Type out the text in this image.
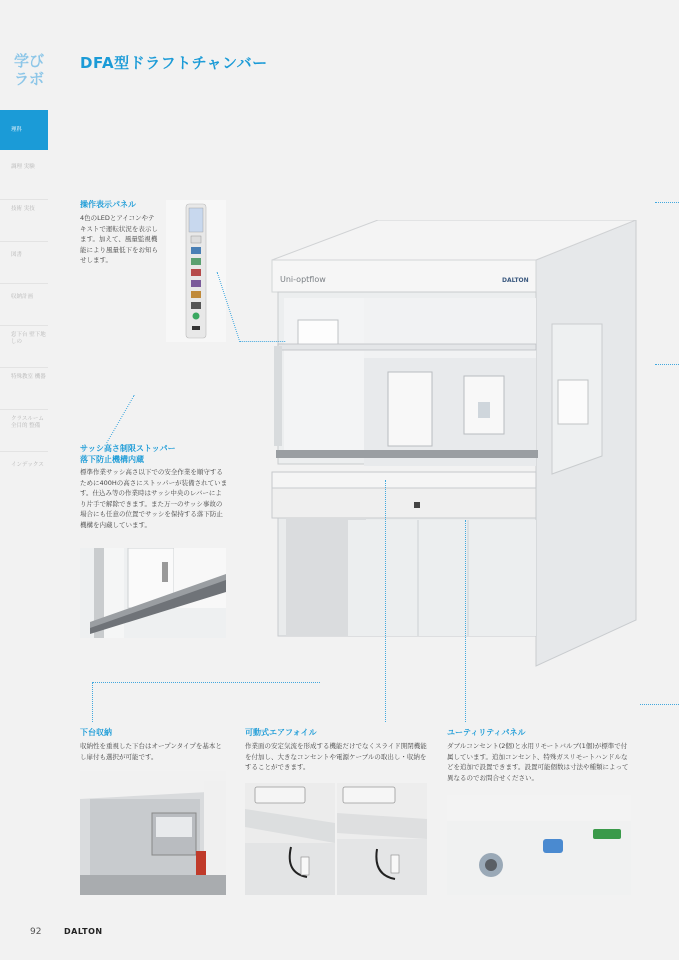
学び
ラボ
理科
調理 実験
技術 実技
図書
収納計画
窓下台 壁下地しの
特殊教室 機器
クラスルーム 全目的 整備
インデックス
DFA型ドラフトチャンバー
操作表示パネル
4色のLEDとアイコンやテキストで運転状況を表示します。加えて、風量監視機能により風量低下をお知らせします。
サッシ高さ制限ストッパー
落下防止機構内蔵
標準作業サッシ高さ以下での安全作業を順守するために400Hの高さにストッパーが装備されています。仕込み等の作業時はサッシ中央のレバーにより片手で解除できます。また万一のサッシ事故の場合にも任意の位置でサッシを保持する落下防止機構を内蔵しています。
Uni-optflow	DALTON
下台収納
収納性を重視した下台はオープンタイプを基本とし扉付も選択が可能です。
可動式エアフォイル
作業面の安定気流を形成する機能だけでなくスライド開閉機能を付加し、大きなコンセントや電源ケーブルの取出し・収納をすることができます。
ユーティリティパネル
ダブルコンセント(2個)と水用リモートバルブ(1個)が標準で付属しています。追加コンセント、特殊ガスリモートハンドルなどを追加で設置できます。設置可能個数は寸法や種類によって異なるのでお問合せください。
92	DALTON
